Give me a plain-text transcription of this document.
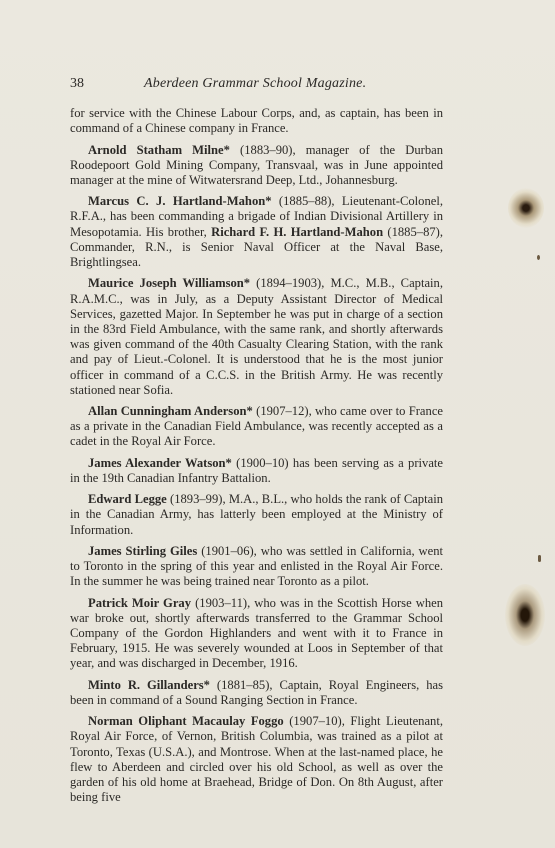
38	Aberdeen Grammar School Magazine.

for service with the Chinese Labour Corps, and, as captain, has been in command of a Chinese company in France.

Arnold Statham Milne* (1883–90), manager of the Durban Roodepoort Gold Mining Company, Transvaal, was in June appointed manager at the mine of Witwatersrand Deep, Ltd., Johannesburg.

Marcus C. J. Hartland-Mahon* (1885–88), Lieutenant-Colonel, R.F.A., has been commanding a brigade of Indian Divisional Artillery in Mesopotamia. His brother, Richard F. H. Hartland-Mahon (1885–87), Commander, R.N., is Senior Naval Officer at the Naval Base, Brightlingsea.

Maurice Joseph Williamson* (1894–1903), M.C., M.B., Captain, R.A.M.C., was in July, as a Deputy Assistant Director of Medical Services, gazetted Major. In September he was put in charge of a section in the 83rd Field Ambulance, with the same rank, and shortly afterwards was given command of the 40th Casualty Clearing Station, with the rank and pay of Lieut.-Colonel. It is understood that he is the most junior officer in command of a C.C.S. in the British Army. He was recently stationed near Sofia.

Allan Cunningham Anderson* (1907–12), who came over to France as a private in the Canadian Field Ambulance, was recently accepted as a cadet in the Royal Air Force.

James Alexander Watson* (1900–10) has been serving as a private in the 19th Canadian Infantry Battalion.

Edward Legge (1893–99), M.A., B.L., who holds the rank of Captain in the Canadian Army, has latterly been employed at the Ministry of Information.

James Stirling Giles (1901–06), who was settled in California, went to Toronto in the spring of this year and enlisted in the Royal Air Force. In the summer he was being trained near Toronto as a pilot.

Patrick Moir Gray (1903–11), who was in the Scottish Horse when war broke out, shortly afterwards transferred to the Grammar School Company of the Gordon Highlanders and went with it to France in February, 1915. He was severely wounded at Loos in September of that year, and was discharged in December, 1916.

Minto R. Gillanders* (1881–85), Captain, Royal Engineers, has been in command of a Sound Ranging Section in France.

Norman Oliphant Macaulay Foggo (1907–10), Flight Lieutenant, Royal Air Force, of Vernon, British Columbia, was trained as a pilot at Toronto, Texas (U.S.A.), and Montrose. When at the last-named place, he flew to Aberdeen and circled over his old School, as well as over the garden of his old home at Braehead, Bridge of Don. On 8th August, after being five
